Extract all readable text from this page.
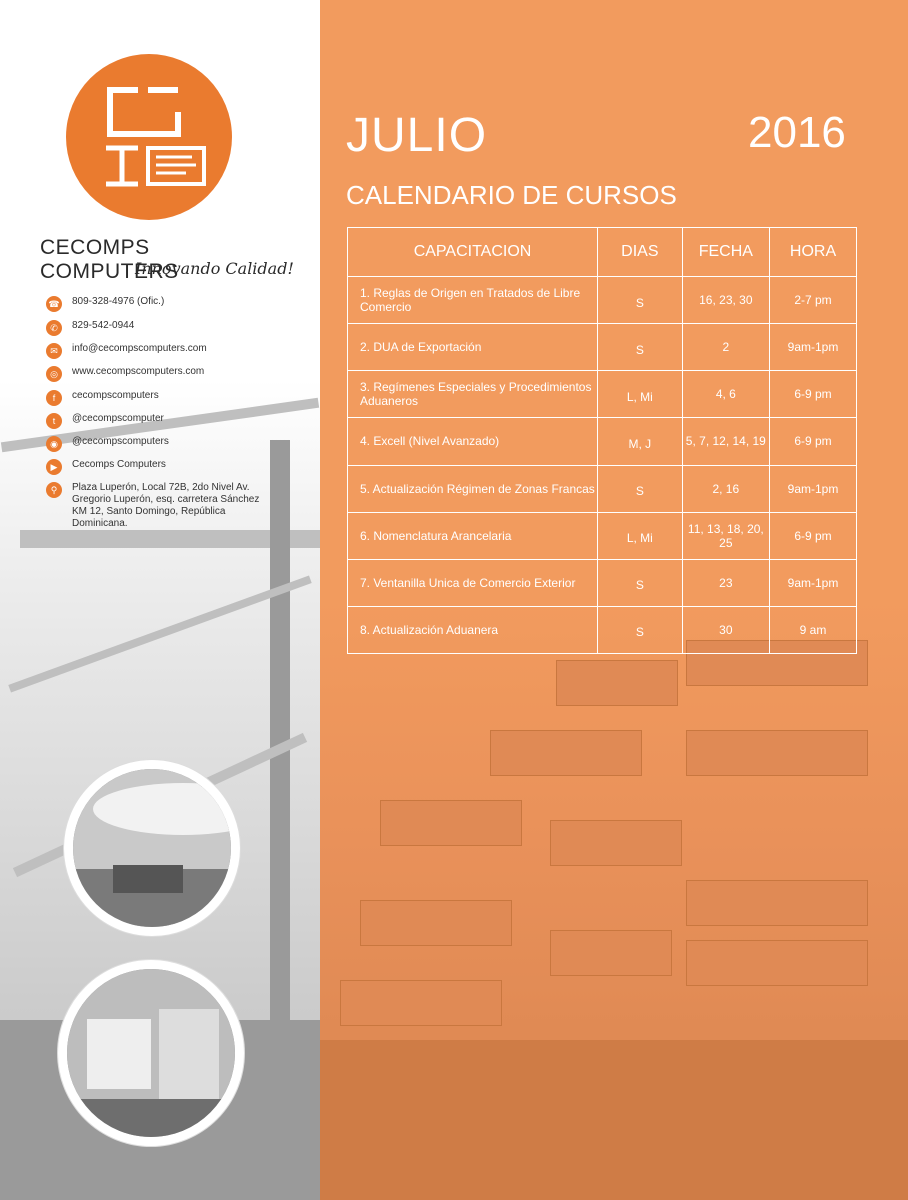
CECOMPS COMPUTERS
Innovando Calidad!
☎ 809-328-4976 (Ofic.)
✆	829-542-0944
✉	info@cecompscomputers.com
◎	www.cecompscomputers.com
f	cecompscomputers
t	@cecompscomputer
◉	@cecompscomputers
▶	Cecomps Computers
⚲	Plaza Luperón, Local 72B, 2do Nivel Av. Gregorio Luperón, esq. carretera Sánchez KM 12, Santo Domingo, República Dominicana.
JULIO	2016
CALENDARIO DE CURSOS
CAPACITACION	DIAS	FECHA	HORA
1. Reglas de Origen en Tratados de Libre Comercio	S	16, 23, 30	2-7 pm
2. DUA de Exportación	S	2	9am-1pm
3. Regímenes Especiales y Procedimientos Aduaneros	L, Mi	4, 6	6-9 pm
4. Excell (Nivel Avanzado)	M, J	5, 7, 12, 14, 19	6-9 pm
5. Actualización Régimen de Zonas Francas	S	2, 16	9am-1pm
6. Nomenclatura Arancelaria	L, Mi	11, 13, 18, 20, 25	6-9 pm
7. Ventanilla Unica de Comercio Exterior	S	23	9am-1pm
8. Actualización Aduanera	S	30	9 am
